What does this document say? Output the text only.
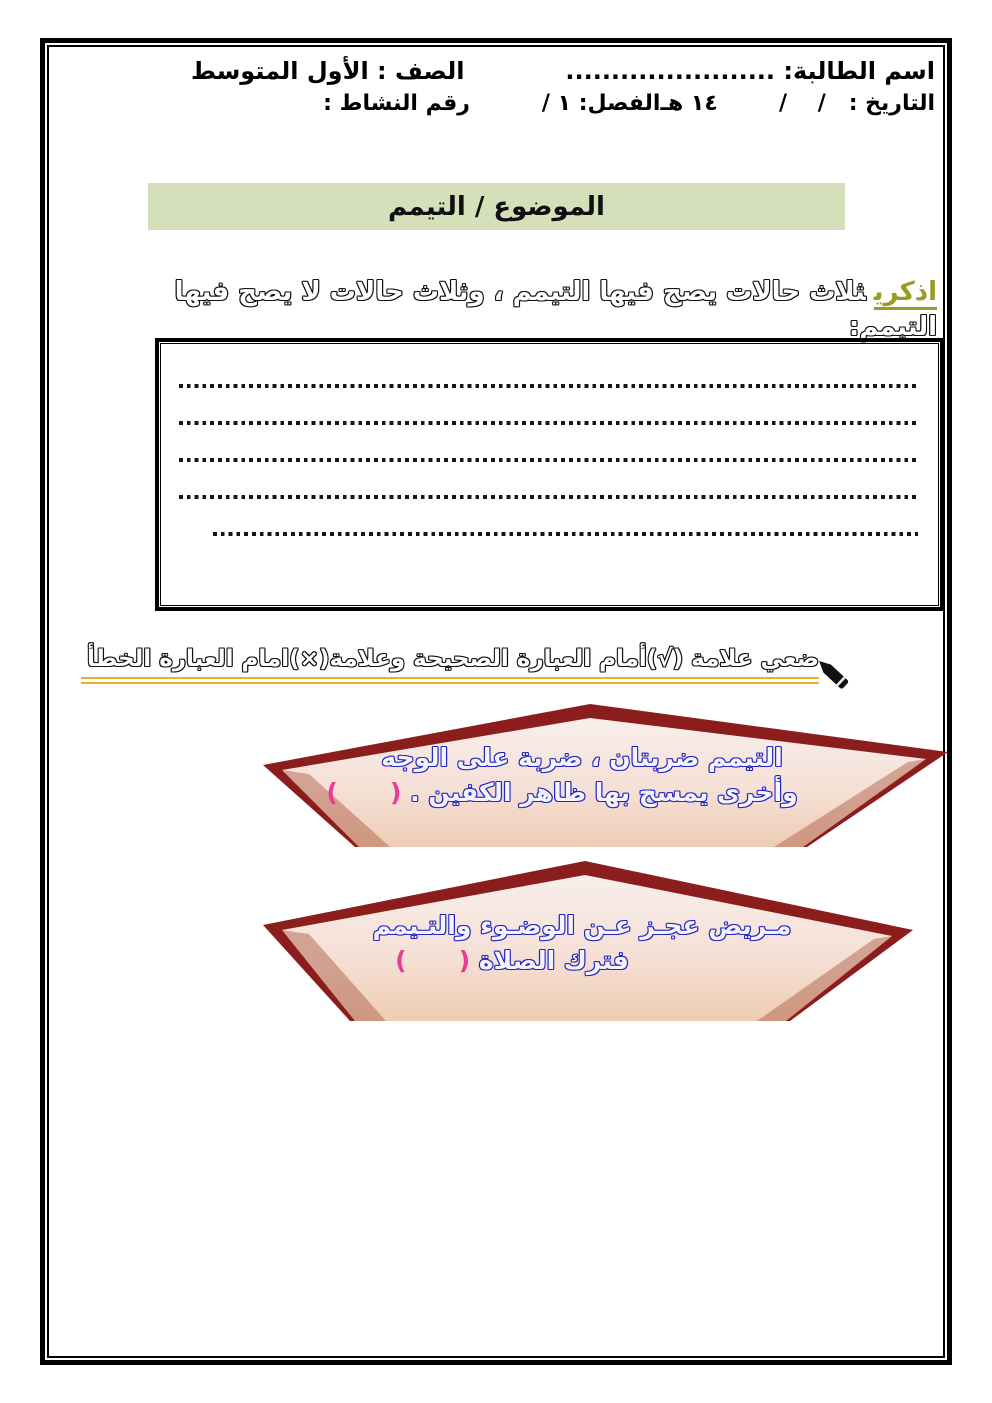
اسم الطالبة: .......................
الصف : الأول المتوسط
التاريخ :   /    /        ١٤ هـ
الفصل: ١ /
رقم النشاط :
الموضوع / التيمم
اذكريثلاث حالات يصح فيها التيمم ، وثلاث حالات لا يصح فيها التيمم:
ضعي علامة (√)أمام العبارة الصحيحة وعلامة(×)امام العبارة الخطأ
التيمم ضربتان ، ضربة على الوجه
وأخرى يمسح بها ظاهر الكفين . (      )
مـريض عجـز عـن الوضـوء والتـيمم
فترك الصلاة (      )
